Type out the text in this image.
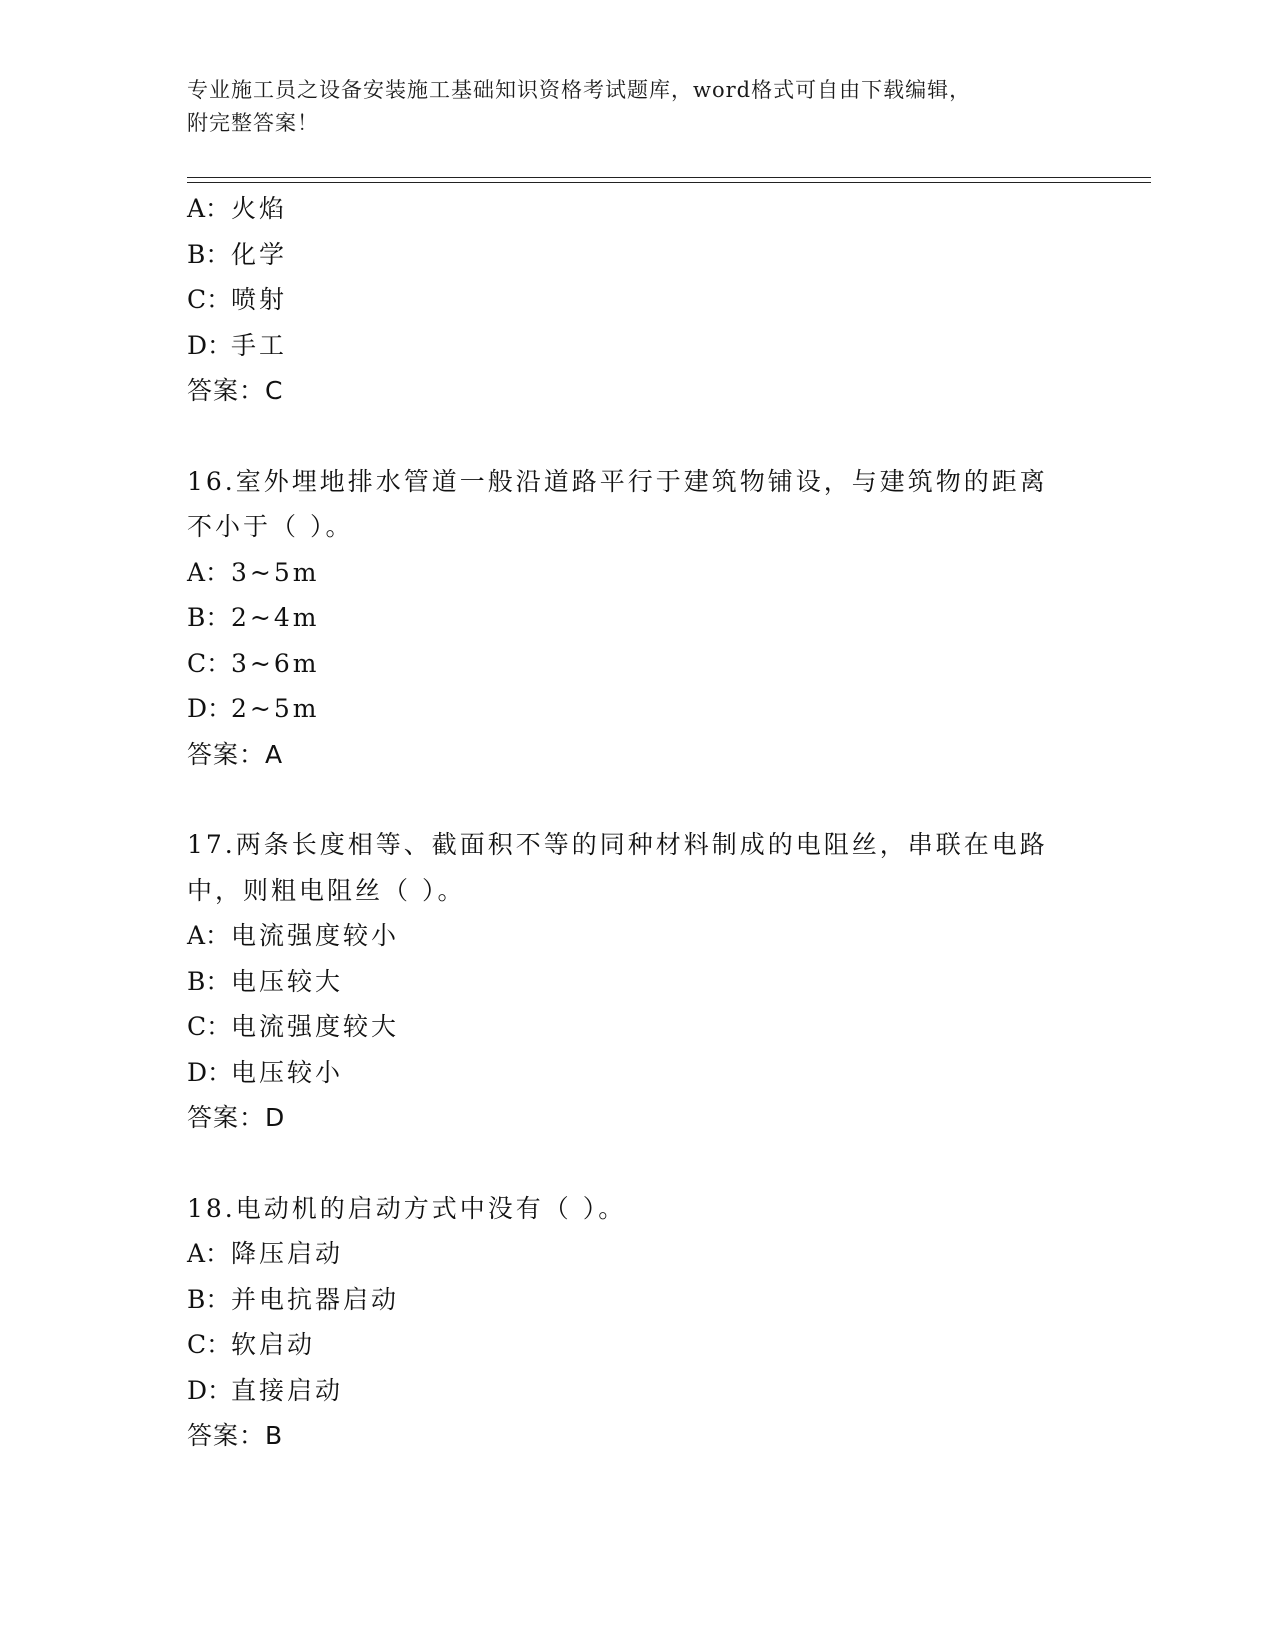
专业施工员之设备安装施工基础知识资格考试题库，word格式可自由下载编辑，
附完整答案！
A：火焰
B：化学
C：喷射
D：手工
答案：C
16.室外埋地排水管道一般沿道路平行于建筑物铺设，与建筑物的距离
不小于（ ）。
A：3~5m
B：2~4m
C：3~6m
D：2~5m
答案：A
17.两条长度相等、截面积不等的同种材料制成的电阻丝，串联在电路
中，则粗电阻丝（ ）。
A：电流强度较小
B：电压较大
C：电流强度较大
D：电压较小
答案：D
18.电动机的启动方式中没有（ ）。
A：降压启动
B：并电抗器启动
C：软启动
D：直接启动
答案：B
